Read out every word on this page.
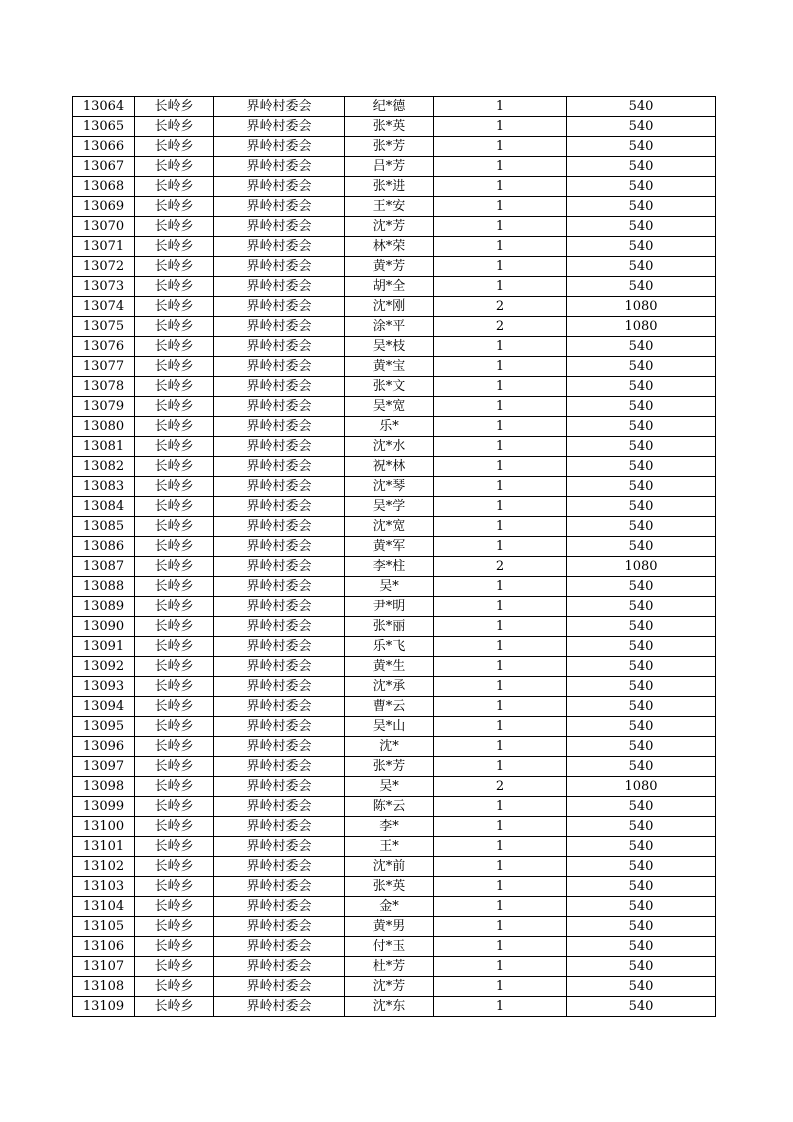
13064	长岭乡	界岭村委会	纪*德	1	540
13065	长岭乡	界岭村委会	张*英	1	540
13066	长岭乡	界岭村委会	张*芳	1	540
13067	长岭乡	界岭村委会	吕*芳	1	540
13068	长岭乡	界岭村委会	张*进	1	540
13069	长岭乡	界岭村委会	王*安	1	540
13070	长岭乡	界岭村委会	沈*芳	1	540
13071	长岭乡	界岭村委会	林*荣	1	540
13072	长岭乡	界岭村委会	黄*芳	1	540
13073	长岭乡	界岭村委会	胡*全	1	540
13074	长岭乡	界岭村委会	沈*刚	2	1080
13075	长岭乡	界岭村委会	涂*平	2	1080
13076	长岭乡	界岭村委会	吴*枝	1	540
13077	长岭乡	界岭村委会	黄*宝	1	540
13078	长岭乡	界岭村委会	张*文	1	540
13079	长岭乡	界岭村委会	吴*宽	1	540
13080	长岭乡	界岭村委会	乐*	1	540
13081	长岭乡	界岭村委会	沈*水	1	540
13082	长岭乡	界岭村委会	祝*林	1	540
13083	长岭乡	界岭村委会	沈*琴	1	540
13084	长岭乡	界岭村委会	吴*学	1	540
13085	长岭乡	界岭村委会	沈*宽	1	540
13086	长岭乡	界岭村委会	黄*军	1	540
13087	长岭乡	界岭村委会	李*柱	2	1080
13088	长岭乡	界岭村委会	吴*	1	540
13089	长岭乡	界岭村委会	尹*明	1	540
13090	长岭乡	界岭村委会	张*丽	1	540
13091	长岭乡	界岭村委会	乐*飞	1	540
13092	长岭乡	界岭村委会	黄*生	1	540
13093	长岭乡	界岭村委会	沈*承	1	540
13094	长岭乡	界岭村委会	曹*云	1	540
13095	长岭乡	界岭村委会	吴*山	1	540
13096	长岭乡	界岭村委会	沈*	1	540
13097	长岭乡	界岭村委会	张*芳	1	540
13098	长岭乡	界岭村委会	吴*	2	1080
13099	长岭乡	界岭村委会	陈*云	1	540
13100	长岭乡	界岭村委会	李*	1	540
13101	长岭乡	界岭村委会	王*	1	540
13102	长岭乡	界岭村委会	沈*前	1	540
13103	长岭乡	界岭村委会	张*英	1	540
13104	长岭乡	界岭村委会	金*	1	540
13105	长岭乡	界岭村委会	黄*男	1	540
13106	长岭乡	界岭村委会	付*玉	1	540
13107	长岭乡	界岭村委会	杜*芳	1	540
13108	长岭乡	界岭村委会	沈*芳	1	540
13109	长岭乡	界岭村委会	沈*东	1	540
